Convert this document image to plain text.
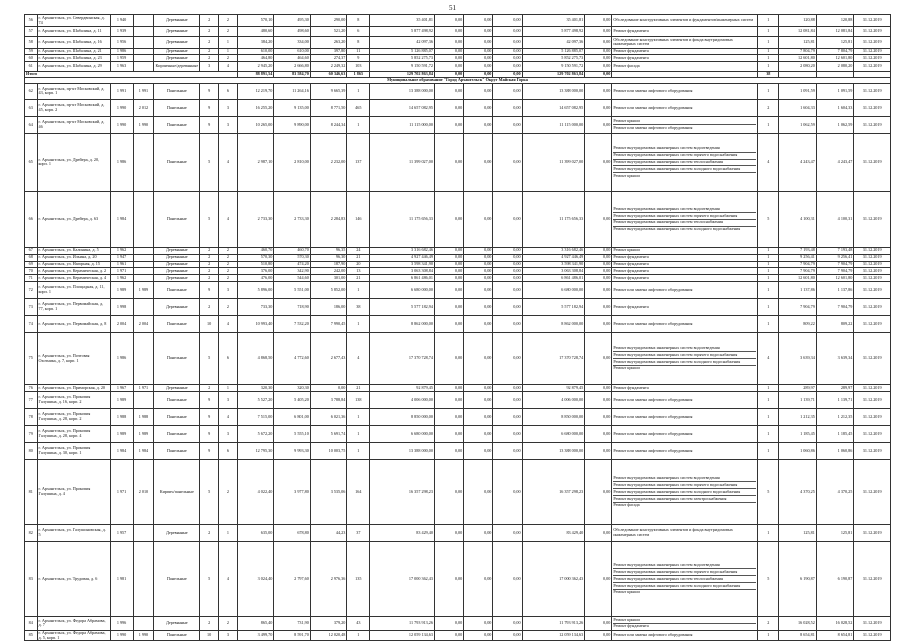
51
56	г. Архангельск, ул. Севердвинская, д. 74	1 940		Деревянные	2	2	570,10	495,30	290,00	8	35 401,81	0,00	0,00	0,00	35 401,81	0,00	Обследование конструктивных элементов и фундаментов/инженерных систем	1	120,88	120,88	31.12.2019
57	г. Архангельск, ул. Шабалина, д. 11	1 939		Деревянные	2	2	480,60	498,60	521,20	6	5 877 498,92	0,00	0,00	0,00	5 877 498,92	0,00	Ремонт фундамента	1	12 081,84	12 081,84	31.12.2019
58	г. Архангельск, ул. Шабалина, д. 16	1 956		Деревянные	2	1	384,20	334,00	263,20	8	42 097,36	0,00	0,00	0,00	42 097,36	0,00	Обследование конструктивных элементов и фонда внутридомовых инженерных систем	1	125,81	125,81	31.12.2019
59	г. Архангельск, ул. Шабалина, д. 21	1 986		Деревянные	2	1	610,00	610,00	397,80	11	5 126 885,07	0,00	0,00	0,00	5 126 885,07	0,00	Ремонт фундамента	1	7 804,79	7 804,79	31.12.2019
60	г. Архангельск, ул. Шабалина, д. 23	1 959		Деревянные	2	2	464,80	464,60	274,37	9	5 852 275,73	0,00	0,00	0,00	5 852 275,73	0,00	Ремонт фундамента	1	12 601,80	12 601,80	31.12.2019
61	г. Архангельск, ул. Шабалина, д. 29	1 963		Кирпичные/деревянные	3	4	2 945,20	2 666,80	2 249,32	103	9 150 591,72	0,00	0,00	0,00	9 150 591,72	0,00	Ремонт фасада	1	2 080,20	2 080,20	31.12.2019
Итого							88 891,54	83 584,70	60 346,63	1 865	129 702 863,84	0,00	0,00	0,00	129 702 863,84	0,00		38			
Муниципальное образование "Город Архангельск" Округ Майская Горка																					
62	г. Архангельск, пр-кт Московский, д. 43, корп. 1	1 991	1 991	Панельные	9	6	12 219,70	11 264,16	9 665,39	1	13 388 000,00	0,00	0,00	0,00	13 388 000,00	0,00	Ремонт или замена лифтового оборудования	1	1 091,59	1 091,59	31.12.2019
63	г. Архангельск, пр-кт Московский, д. 45, корп. 2	1 990	2 012	Панельные	9	3	16 255,20	9 135,00	8 771,50	465	14 657 082,95	0,00	0,00	0,00	14 657 082,95	0,00	Ремонт или замена лифтового оборудования	2	1 604,33	1 604,33	31.12.2019
64	г. Архангельск, пр-кт Московский, д. 46	1 990	1 990	Панельные	9	3	10 265,00	9 890,00	8 244,34	1	11 115 000,00	0,00	0,00	0,00	11 115 000,00	0,00	Ремонт крыши
Ремонт или замена лифтового оборудования	1	1 062,59	1 062,59	31.12.2019
65	г. Архангельск, ул. Дрейера, д. 20, корп. 1	1 986		Панельные	5	4	2 987,10	2 810,00	2 232,00	137	11 399 027,00	0,00	0,00	0,00	11 399 027,00	0,00	Ремонт внутридомовых инженерных систем водоотведения
Ремонт внутридомовых инженерных систем горячего водоснабжения
Ремонт внутридомовых инженерных систем теплоснабжения
Ремонт внутридомовых инженерных систем холодного водоснабжения
Ремонт крыши	4	4 243,47	4 243,47	31.12.2019
66	г. Архангельск, ул. Дрейера, д. 63	1 984		Панельные	5	4	2 733,30	2 733,30	2 284,83	146	11 175 656,33	0,00	0,00	0,00	11 175 656,33	0,00	Ремонт внутридомовых инженерных систем водоотведения
Ремонт внутридомовых инженерных систем горячего водоснабжения
Ремонт внутридомовых инженерных систем теплоснабжения
Ремонт внутридомовых инженерных систем холодного водоснабжения	5	4 100,31	4 100,31	31.12.2019
67	г. Архангельск, ул. Калинина, д. 5	1 962		Деревянные	2	2	460,70	460,70	96,35	24	3 316 682,46	0,00	0,00	0,00	3 316 682,46	0,00	Ремонт крыши	1	7 193,48	7 193,48	31.12.2019
68	г. Архангельск, ул. Ильина, д. 20	1 947		Деревянные	2	2	570,30	570,30	96,30	21	4 927 446,49	0,00	0,00	0,00	4 927 446,49	0,00	Ремонт фундамента	1	9 256,41	9 256,41	31.12.2019
69	г. Архангельск, ул. Нагорная, д. 15	1 961		Деревянные	2	2	510,80	474,20	187,90	20	3 598 341,90	0,00	0,00	0,00	3 598 341,90	0,00	Ремонт фундамента	1	7 904,79	7 904,79	31.12.2019
70	г. Архангельск, ул. Керамическая, д. 2	1 971		Деревянные	2	2	376,00	342,90	242,00	13	3 063 308,84	0,00	0,00	0,00	3 063 308,84	0,00	Ремонт фундамента	1	7 904,79	7 904,79	31.12.2019
71	г. Архангельск, ул. Керамическая, д. 4	1 962		Деревянные	2	2	476,00	544,60	301,00	21	6 861 486,01	0,00	0,00	0,00	6 861 486,01	0,00	Ремонт фундамента	1	12 601,80	12 601,80	31.12.2019
72	г. Архангельск, ул. Площадная, д. 11, корп. 1	1 989	1 989	Панельные	9	3	5 896,00	5 551,00	5 852,00	1	6 680 000,00	0,00	0,00	0,00	6 680 000,00	0,00	Ремонт или замена лифтового оборудования	1	1 137,86	1 137,86	31.12.2019
73	г. Архангельск, ул. Первомайская, д. 77, корп. 1	1 998		Деревянные	2	2	733,30	718,90	186,00	38	5 577 182,94	0,00	0,00	0,00	5 577 182,94	0,00	Ремонт фундамента	1	7 904,79	7 904,79	31.12.2019
74	г. Архангельск, ул. Первомайская, д. 8	2 004	2 004	Панельные	10	4	10 993,40	7 532,20	7 990,45	1	8 862 000,00	0,00	0,00	0,00	8 862 000,00	0,00	Ремонт или замена лифтового оборудования	1	809,22	809,22	31.12.2019
75	г. Архангельск, ул. Почтовая Охотника, д. 7, корп. 1	1 986		Панельные	5	6	4 868,50	4 772,60	2 677,43	4	17 370 728,74	0,00	0,00	0,00	17 370 728,74	0,00	Ремонт внутридомовых инженерных систем водоотведения
Ремонт внутридомовых инженерных систем горячего водоснабжения
Ремонт внутридомовых инженерных систем холодного водоснабжения
Ремонт крыши	4	3 639,34	3 639,34	31.12.2019
76	г. Архангельск, ул. Приморская, д. 20	1 967	1 971	Деревянные	2	1	320,30	320,30	0,00	21	92 879,45	0,00	0,00	0,00	92 879,45	0,00	Ремонт фундамента	1	289,97	289,97	31.12.2019
77	г. Архангельск, ул. Прокопия Галушина, д. 16, корп. 2	1 989		Панельные	9	3	5 527,20	5 405,20	3 788,84	138	4 006 000,00	0,00	0,00	0,00	4 006 000,00	0,00	Ремонт или замена лифтового оборудования	1	1 139,71	1 139,71	31.12.2019
78	г. Архангельск, ул. Прокопия Галушина, д. 28, корп. 2	1 988	1 988	Панельные	9	4	7 515,00	6 801,00	6 021,36	1	8 850 000,00	0,00	0,00	0,00	8 850 000,00	0,00	Ремонт или замена лифтового оборудования	1	1 212,35	1 212,35	31.12.2019
79	г. Архангельск, ул. Прокопия Галушина, д. 28, корп. 4	1 989	1 989	Панельные	9	3	5 672,20	5 555,10	5 691,74	1	6 680 000,00	0,00	0,00	0,00	6 680 000,00	0,00	Ремонт или замена лифтового оборудования	1	1 185,45	1 185,45	31.12.2019
80	г. Архангельск, ул. Прокопия Галушина, д. 30, корп. 1	1 984	1 984	Панельные	9	6	12 795,30	9 993,30	10 003,75	1	13 388 000,00	0,00	0,00	0,00	13 388 000,00	0,00	Ремонт или замена лифтового оборудования	1	1 060,86	1 060,86	31.12.2019
81	г. Архангельск, ул. Прокопия Галушина, д. 4	1 971	2 010	Кирпич/панельные	5	2	4 022,40	3 977,80	3 535,06	164	16 357 298,23	0,00	0,00	0,00	16 357 298,23	0,00	Ремонт внутридомовых инженерных систем водоотведения
Ремонт внутридомовых инженерных систем горячего водоснабжения
Ремонт внутридомовых инженерных систем холодного водоснабжения
Ремонт внутридомовых инженерных систем электроснабжения
Ремонт фасада	5	4 370,25	4 370,25	31.12.2019
82	г. Архангельск, ул. Галушиновская, д. 5	1 957		Деревянные	2	1	635,00	678,80	44,23	37	83 429,40	0,00	0,00	0,00	83 429,40	0,00	Обследование конструктивных элементов и фонда внутридомовых инженерных систем	1	125,81	125,81	31.12.2019
83	г. Архангельск, ул. Трудовая, д. 6	1 981		Панельные	5	4	3 024,40	2 797,60	2 976,36	135	17 000 362,43	0,00	0,00	0,00	17 000 362,43	0,00	Ремонт внутридомовых инженерных систем водоотведения
Ремонт внутридомовых инженерных систем горячего водоснабжения
Ремонт внутридомовых инженерных систем теплоснабжения
Ремонт внутридомовых инженерных систем холодного водоснабжения
Ремонт крыши	5	6 190,87	6 190,87	31.12.2019
84	г. Архангельск, ул. Федора Абрамова, д. 7	1 996		Деревянные	2	2	865,40	731,90	379,20	43	11 793 913,26	0,00	0,00	0,00	11 793 913,26	0,00	Ремонт крыши
Ремонт фундамента	2	16 028,52	16 028,52	31.12.2019
85	г. Архангельск, ул. Федора Абрамова, д. 5, корп. 1	1 990	1 990	Панельные	10	3	3 499,70	8 591,70	12 020,48	1	12 059 134,63	0,00	0,00	0,00	12 059 134,63	0,00	Ремонт или замена лифтового оборудования	1	8 654,81	8 654,81	31.12.2019
